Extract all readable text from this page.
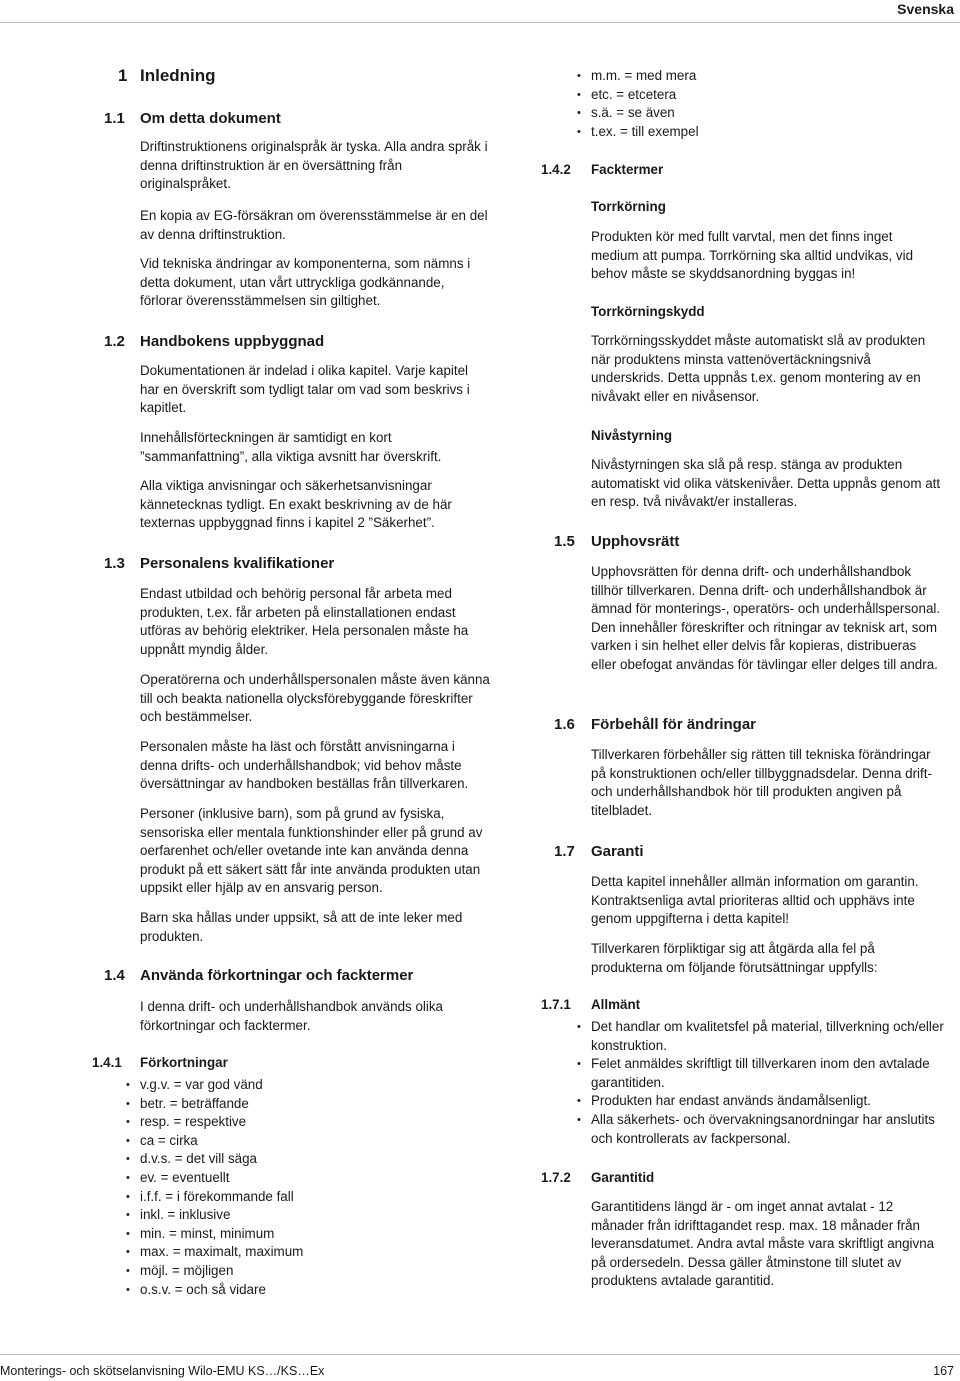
Svenska
1 Inledning
1.1 Om detta dokument
Driftinstruktionens originalspråk är tyska. Alla andra språk i denna driftinstruktion är en översättning från originalspråket.
En kopia av EG-försäkran om överensstämmelse är en del av denna driftinstruktion.
Vid tekniska ändringar av komponenterna, som nämns i detta dokument, utan vårt uttryckliga godkännande, förlorar överensstämmelsen sin giltighet.
1.2 Handbokens uppbyggnad
Dokumentationen är indelad i olika kapitel. Varje kapitel har en överskrift som tydligt talar om vad som beskrivs i kapitlet.
Innehållsförteckningen är samtidigt en kort ”sammanfattning”, alla viktiga avsnitt har överskrift.
Alla viktiga anvisningar och säkerhetsanvisningar kännetecknas tydligt. En exakt beskrivning av de här texternas uppbyggnad finns i kapitel 2 ”Säkerhet”.
1.3 Personalens kvalifikationer
Endast utbildad och behörig personal får arbeta med produkten, t.ex. får arbeten på elinstallationen endast utföras av behörig elektriker. Hela personalen måste ha uppnått myndig ålder.
Operatörerna och underhållspersonalen måste även känna till och beakta nationella olycksförebyggande föreskrifter och bestämmelser.
Personalen måste ha läst och förstått anvisningarna i denna drifts- och underhållshandbok; vid behov måste översättningar av handboken beställas från tillverkaren.
Personer (inklusive barn), som på grund av fysiska, sensoriska eller mentala funktionshinder eller på grund av oerfarenhet och/eller ovetande inte kan använda denna produkt på ett säkert sätt får inte använda produkten utan uppsikt eller hjälp av en ansvarig person.
Barn ska hållas under uppsikt, så att de inte leker med produkten.
1.4 Använda förkortningar och facktermer
I denna drift- och underhållshandbok används olika förkortningar och facktermer.
1.4.1 Förkortningar
• v.g.v. = var god vänd
• betr. = beträffande
• resp. = respektive
• ca = cirka
• d.v.s. = det vill säga
• ev. = eventuellt
• i.f.f. = i förekommande fall
• inkl. = inklusive
• min. = minst, minimum
• max. = maximalt, maximum
• möjl. = möjligen
• o.s.v. = och så vidare
• m.m. = med mera
• etc. = etcetera
• s.ä. = se även
• t.ex. = till exempel
1.4.2 Facktermer
Torrkörning
Produkten kör med fullt varvtal, men det finns inget medium att pumpa. Torrkörning ska alltid undvikas, vid behov måste se skyddsanordning byggas in!
Torrkörningskydd
Torrkörningsskyddet måste automatiskt slå av produkten när produktens minsta vattenövertäckningsnivå underskrids. Detta uppnås t.ex. genom montering av en nivåvakt eller en nivåsensor.
Nivåstyrning
Nivåstyrningen ska slå på resp. stänga av produkten automatiskt vid olika vätskenivåer. Detta uppnås genom att en resp. två nivåvakt/er installeras.
1.5 Upphovsrätt
Upphovsrätten för denna drift- och underhållshandbok tillhör tillverkaren. Denna drift- och underhållshandbok är ämnad för monterings-, operatörs- och underhållspersonal. Den innehåller föreskrifter och ritningar av teknisk art, som varken i sin helhet eller delvis får kopieras, distribueras eller obefogat användas för tävlingar eller delges till andra.
1.6 Förbehåll för ändringar
Tillverkaren förbehåller sig rätten till tekniska förändringar på konstruktionen och/eller tillbyggnadsdelar. Denna drift- och underhållshandbok hör till produkten angiven på titelbladet.
1.7 Garanti
Detta kapitel innehåller allmän information om garantin. Kontraktsenliga avtal prioriteras alltid och upphävs inte genom uppgifterna i detta kapitel!
Tillverkaren förpliktigar sig att åtgärda alla fel på produkterna om följande förutsättningar uppfylls:
1.7.1 Allmänt
• Det handlar om kvalitetsfel på material, tillverkning och/eller konstruktion.
• Felet anmäldes skriftligt till tillverkaren inom den avtalade garantitiden.
• Produkten har endast används ändamålsenligt.
• Alla säkerhets- och övervakningsanordningar har anslutits och kontrollerats av fackpersonal.
1.7.2 Garantitid
Garantitidens längd är - om inget annat avtalat - 12 månader från idrifttagandet resp. max. 18 månader från leveransdatumet. Andra avtal måste vara skriftligt angivna på ordersedeln. Dessa gäller åtminstone till slutet av produktens avtalade garantitid.
Monterings- och skötselanvisning Wilo-EMU KS…/KS…Ex	167
